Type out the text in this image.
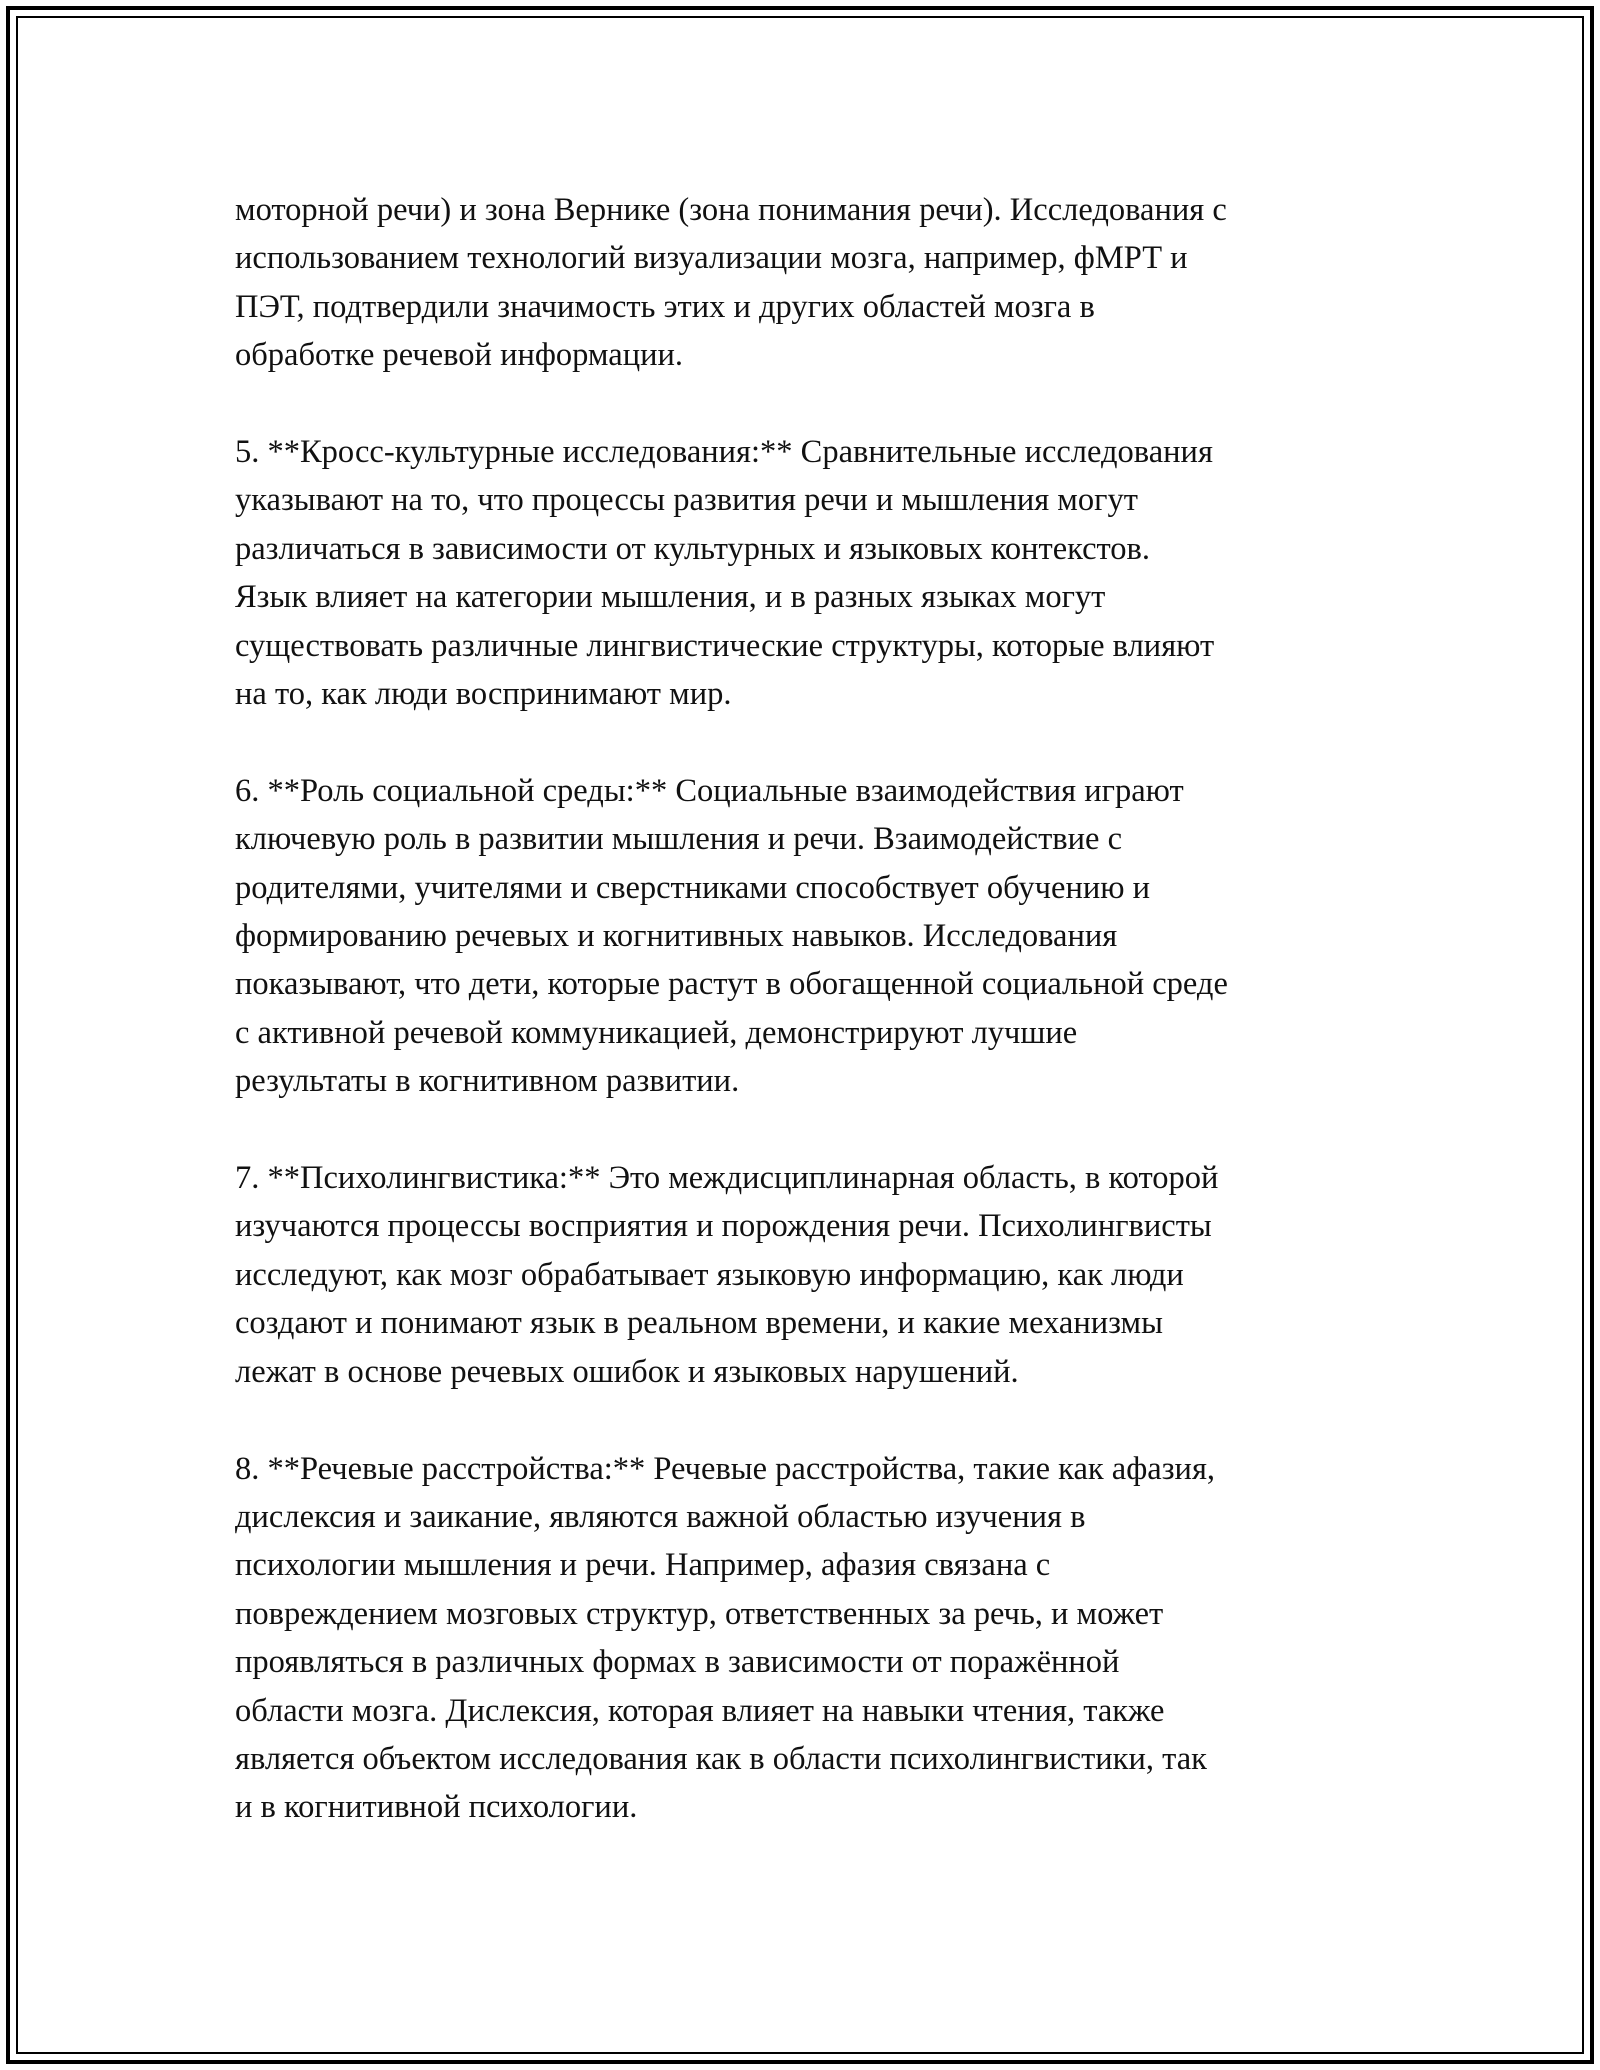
моторной речи) и зона Вернике (зона понимания речи). Исследования с
использованием технологий визуализации мозга, например, фМРТ и
ПЭТ, подтвердили значимость этих и других областей мозга в
обработке речевой информации.

5. **Кросс-культурные исследования:** Сравнительные исследования
указывают на то, что процессы развития речи и мышления могут
различаться в зависимости от культурных и языковых контекстов.
Язык влияет на категории мышления, и в разных языках могут
существовать различные лингвистические структуры, которые влияют
на то, как люди воспринимают мир.

6. **Роль социальной среды:** Социальные взаимодействия играют
ключевую роль в развитии мышления и речи. Взаимодействие с
родителями, учителями и сверстниками способствует обучению и
формированию речевых и когнитивных навыков. Исследования
показывают, что дети, которые растут в обогащенной социальной среде
с активной речевой коммуникацией, демонстрируют лучшие
результаты в когнитивном развитии.

7. **Психолингвистика:** Это междисциплинарная область, в которой
изучаются процессы восприятия и порождения речи. Психолингвисты
исследуют, как мозг обрабатывает языковую информацию, как люди
создают и понимают язык в реальном времени, и какие механизмы
лежат в основе речевых ошибок и языковых нарушений.

8. **Речевые расстройства:** Речевые расстройства, такие как афазия,
дислексия и заикание, являются важной областью изучения в
психологии мышления и речи. Например, афазия связана с
повреждением мозговых структур, ответственных за речь, и может
проявляться в различных формах в зависимости от поражённой
области мозга. Дислексия, которая влияет на навыки чтения, также
является объектом исследования как в области психолингвистики, так
и в когнитивной психологии.
